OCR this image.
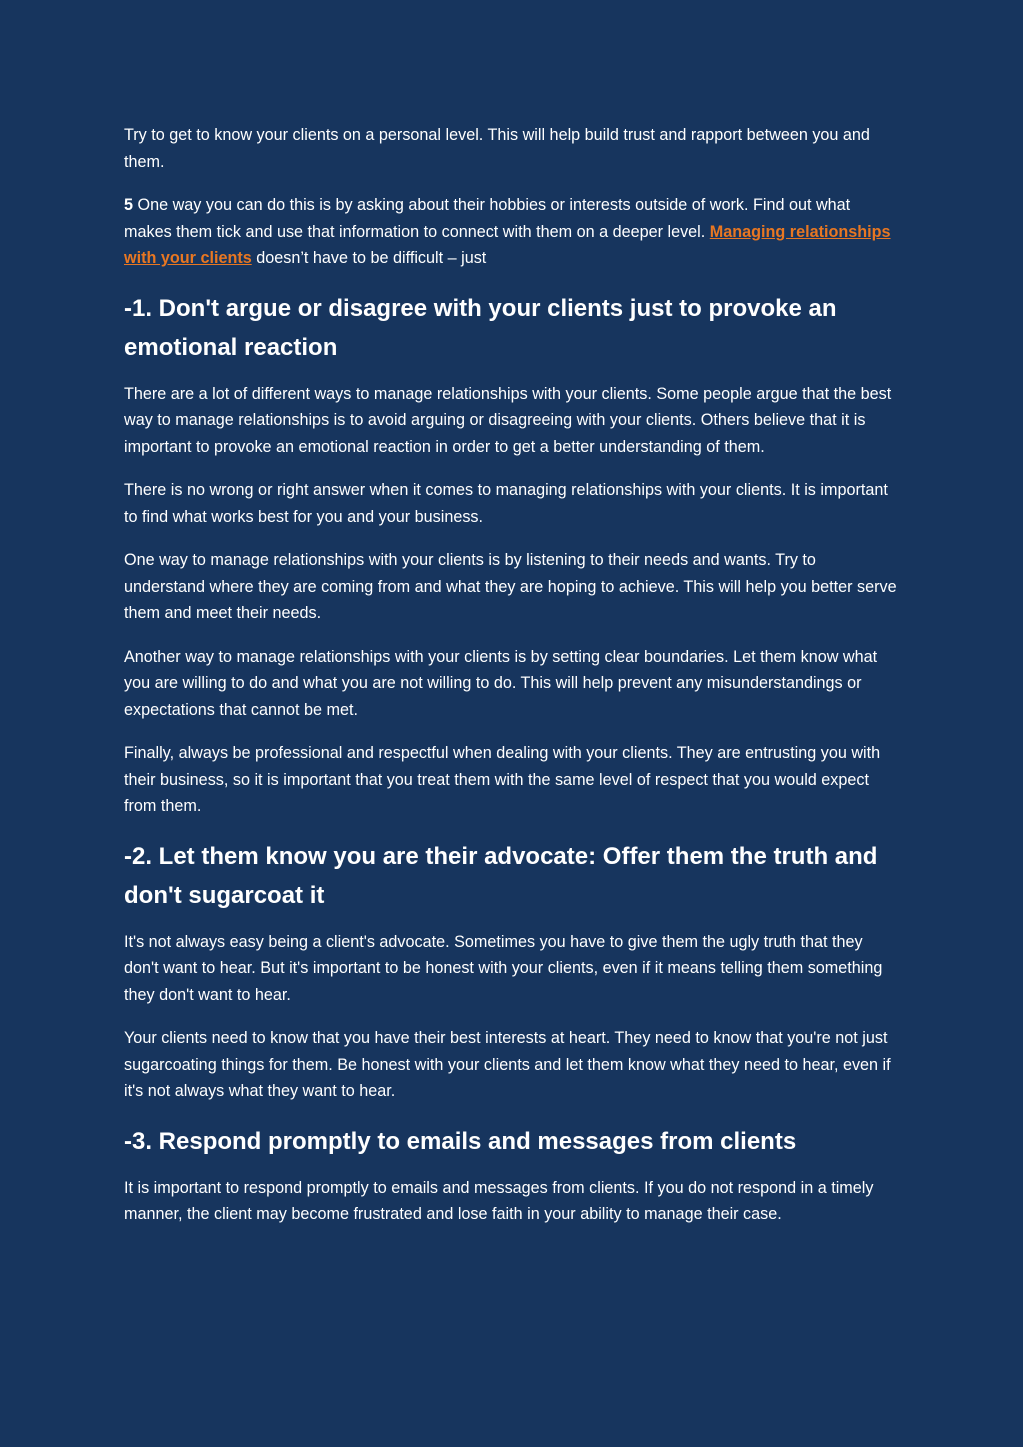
Try to get to know your clients on a personal level. This will help build trust and rapport between you and them.

5 One way you can do this is by asking about their hobbies or interests outside of work. Find out what makes them tick and use that information to connect with them on a deeper level. Managing relationships with your clients doesn’t have to be difficult – just

-1. Don't argue or disagree with your clients just to provoke an emotional reaction

There are a lot of different ways to manage relationships with your clients. Some people argue that the best way to manage relationships is to avoid arguing or disagreeing with your clients. Others believe that it is important to provoke an emotional reaction in order to get a better understanding of them.

There is no wrong or right answer when it comes to managing relationships with your clients. It is important to find what works best for you and your business.

One way to manage relationships with your clients is by listening to their needs and wants. Try to understand where they are coming from and what they are hoping to achieve. This will help you better serve them and meet their needs.

Another way to manage relationships with your clients is by setting clear boundaries. Let them know what you are willing to do and what you are not willing to do. This will help prevent any misunderstandings or expectations that cannot be met.

Finally, always be professional and respectful when dealing with your clients. They are entrusting you with their business, so it is important that you treat them with the same level of respect that you would expect from them.

-2. Let them know you are their advocate: Offer them the truth and don't sugarcoat it

It's not always easy being a client's advocate. Sometimes you have to give them the ugly truth that they don't want to hear. But it's important to be honest with your clients, even if it means telling them something they don't want to hear.

Your clients need to know that you have their best interests at heart. They need to know that you're not just sugarcoating things for them. Be honest with your clients and let them know what they need to hear, even if it's not always what they want to hear.

-3. Respond promptly to emails and messages from clients

It is important to respond promptly to emails and messages from clients. If you do not respond in a timely manner, the client may become frustrated and lose faith in your ability to manage their case.
